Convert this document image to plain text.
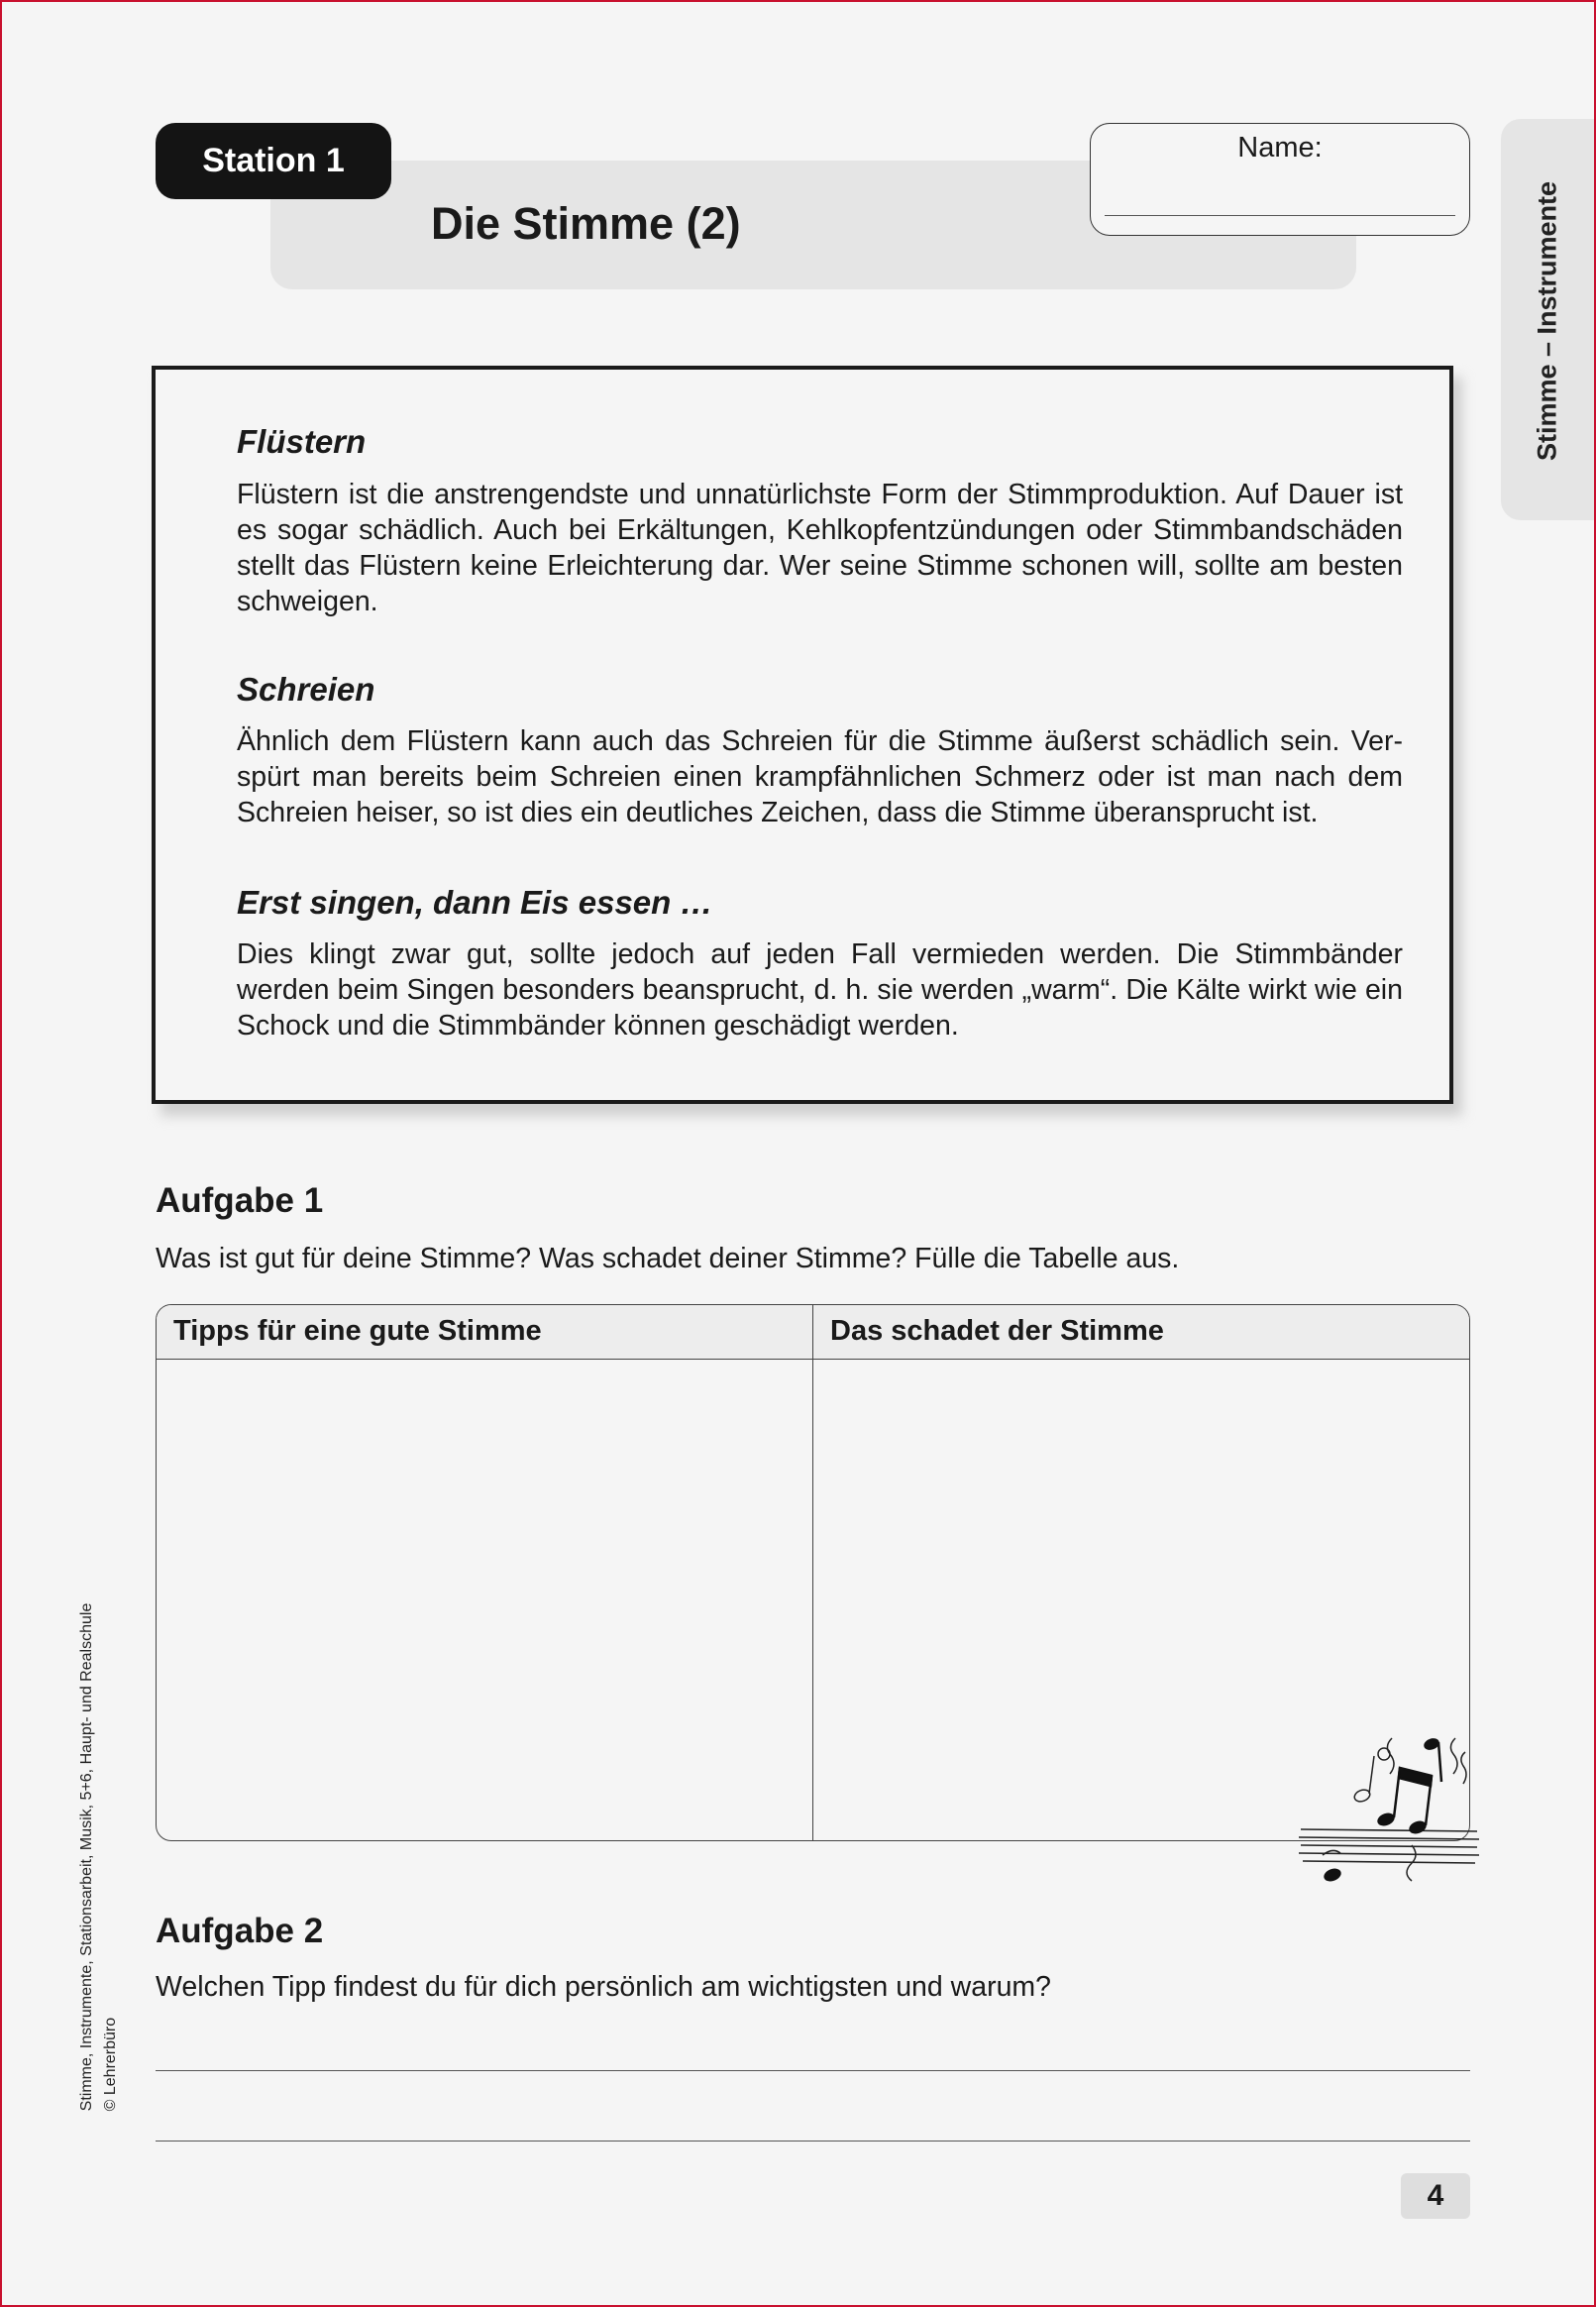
Station 1
Die Stimme (2)
Name:
Stimme – Instrumente
Flüstern

Flüstern ist die anstrengendste und unnatürlichste Form der Stimmproduktion. Auf Dauer ist es sogar schädlich. Auch bei Erkältungen, Kehlkopfentzündungen oder Stimmbandschäden stellt das Flüstern keine Erleichterung dar. Wer seine Stimme schonen will, sollte am besten schweigen.

Schreien

Ähnlich dem Flüstern kann auch das Schreien für die Stimme äußerst schädlich sein. Verspürt man bereits beim Schreien einen krampfähnlichen Schmerz oder ist man nach dem Schreien heiser, so ist dies ein deutliches Zeichen, dass die Stimme überansprucht ist.

Erst singen, dann Eis essen …

Dies klingt zwar gut, sollte jedoch auf jeden Fall vermieden werden. Die Stimmbänder werden beim Singen besonders beansprucht, d. h. sie werden „warm“. Die Kälte wirkt wie ein Schock und die Stimmbänder können geschädigt werden.

Aufgabe 1

Was ist gut für deine Stimme? Was schadet deiner Stimme? Fülle die Tabelle aus.

Tipps für eine gute Stimme	Das schadet der Stimme
Aufgabe 2

Welchen Tipp findest du für dich persönlich am wichtigsten und warum?

4
Stimme, Instrumente, Stationsarbeit, Musik, 5+6, Haupt- und Realschule © Lehrerbüro
